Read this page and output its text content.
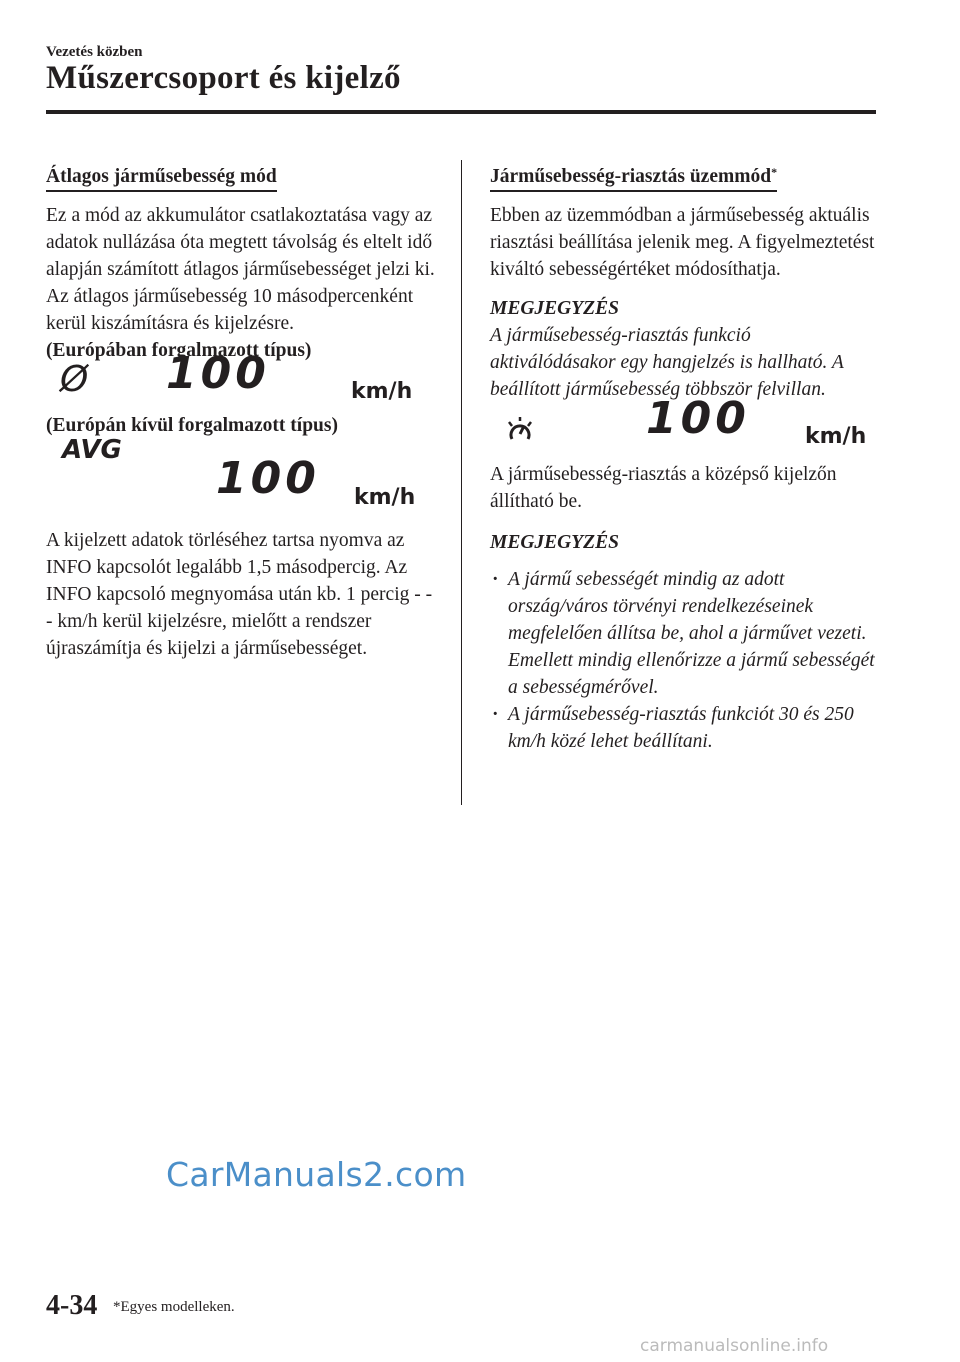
Vezetés közben
Műszercsoport és kijelző
Átlagos járműsebesség mód

Ez a mód az akkumulátor csatlakoztatása vagy az adatok nullázása óta megtett távolság és eltelt idő alapján számított átlagos járműsebességet jelzi ki.

Az átlagos járműsebesség 10 másodpercenként kerül kiszámításra és kijelzésre.

(Európában forgalmazott típus)

Ø 100	km/h

(Európán kívül forgalmazott típus)

AVG
100 km/h

A kijelzett adatok törléséhez tartsa nyomva az INFO kapcsolót legalább 1,5 másodpercig. Az INFO kapcsoló megnyomása után kb. 1 percig - - - km/h kerül kijelzésre, mielőtt a rendszer újraszámítja és kijelzi a járműsebességet.

Járműsebesség-riasztás üzemmód*

Ebben az üzemmódban a járműsebesség aktuális riasztási beállítása jelenik meg. A figyelmeztetést kiváltó sebességértéket módosíthatja.

MEGJEGYZÉS

A járműsebesség-riasztás funkció aktiválódásakor egy hangjelzés is hallható. A beállított járműsebesség többször felvillan.

100	km/h

A járműsebesség-riasztás a középső kijelzőn állítható be.

MEGJEGYZÉS

· A jármű sebességét mindig az adott ország/város törvényi rendelkezéseinek megfelelően állítsa be, ahol a járművet vezeti. Emellett mindig ellenőrizze a jármű sebességét a sebességmérővel.
· A járműsebesség-riasztás funkciót 30 és 250 km/h közé lehet beállítani.
CarManuals2.com
4-34 *Egyes modelleken.
carmanualsonline.info
